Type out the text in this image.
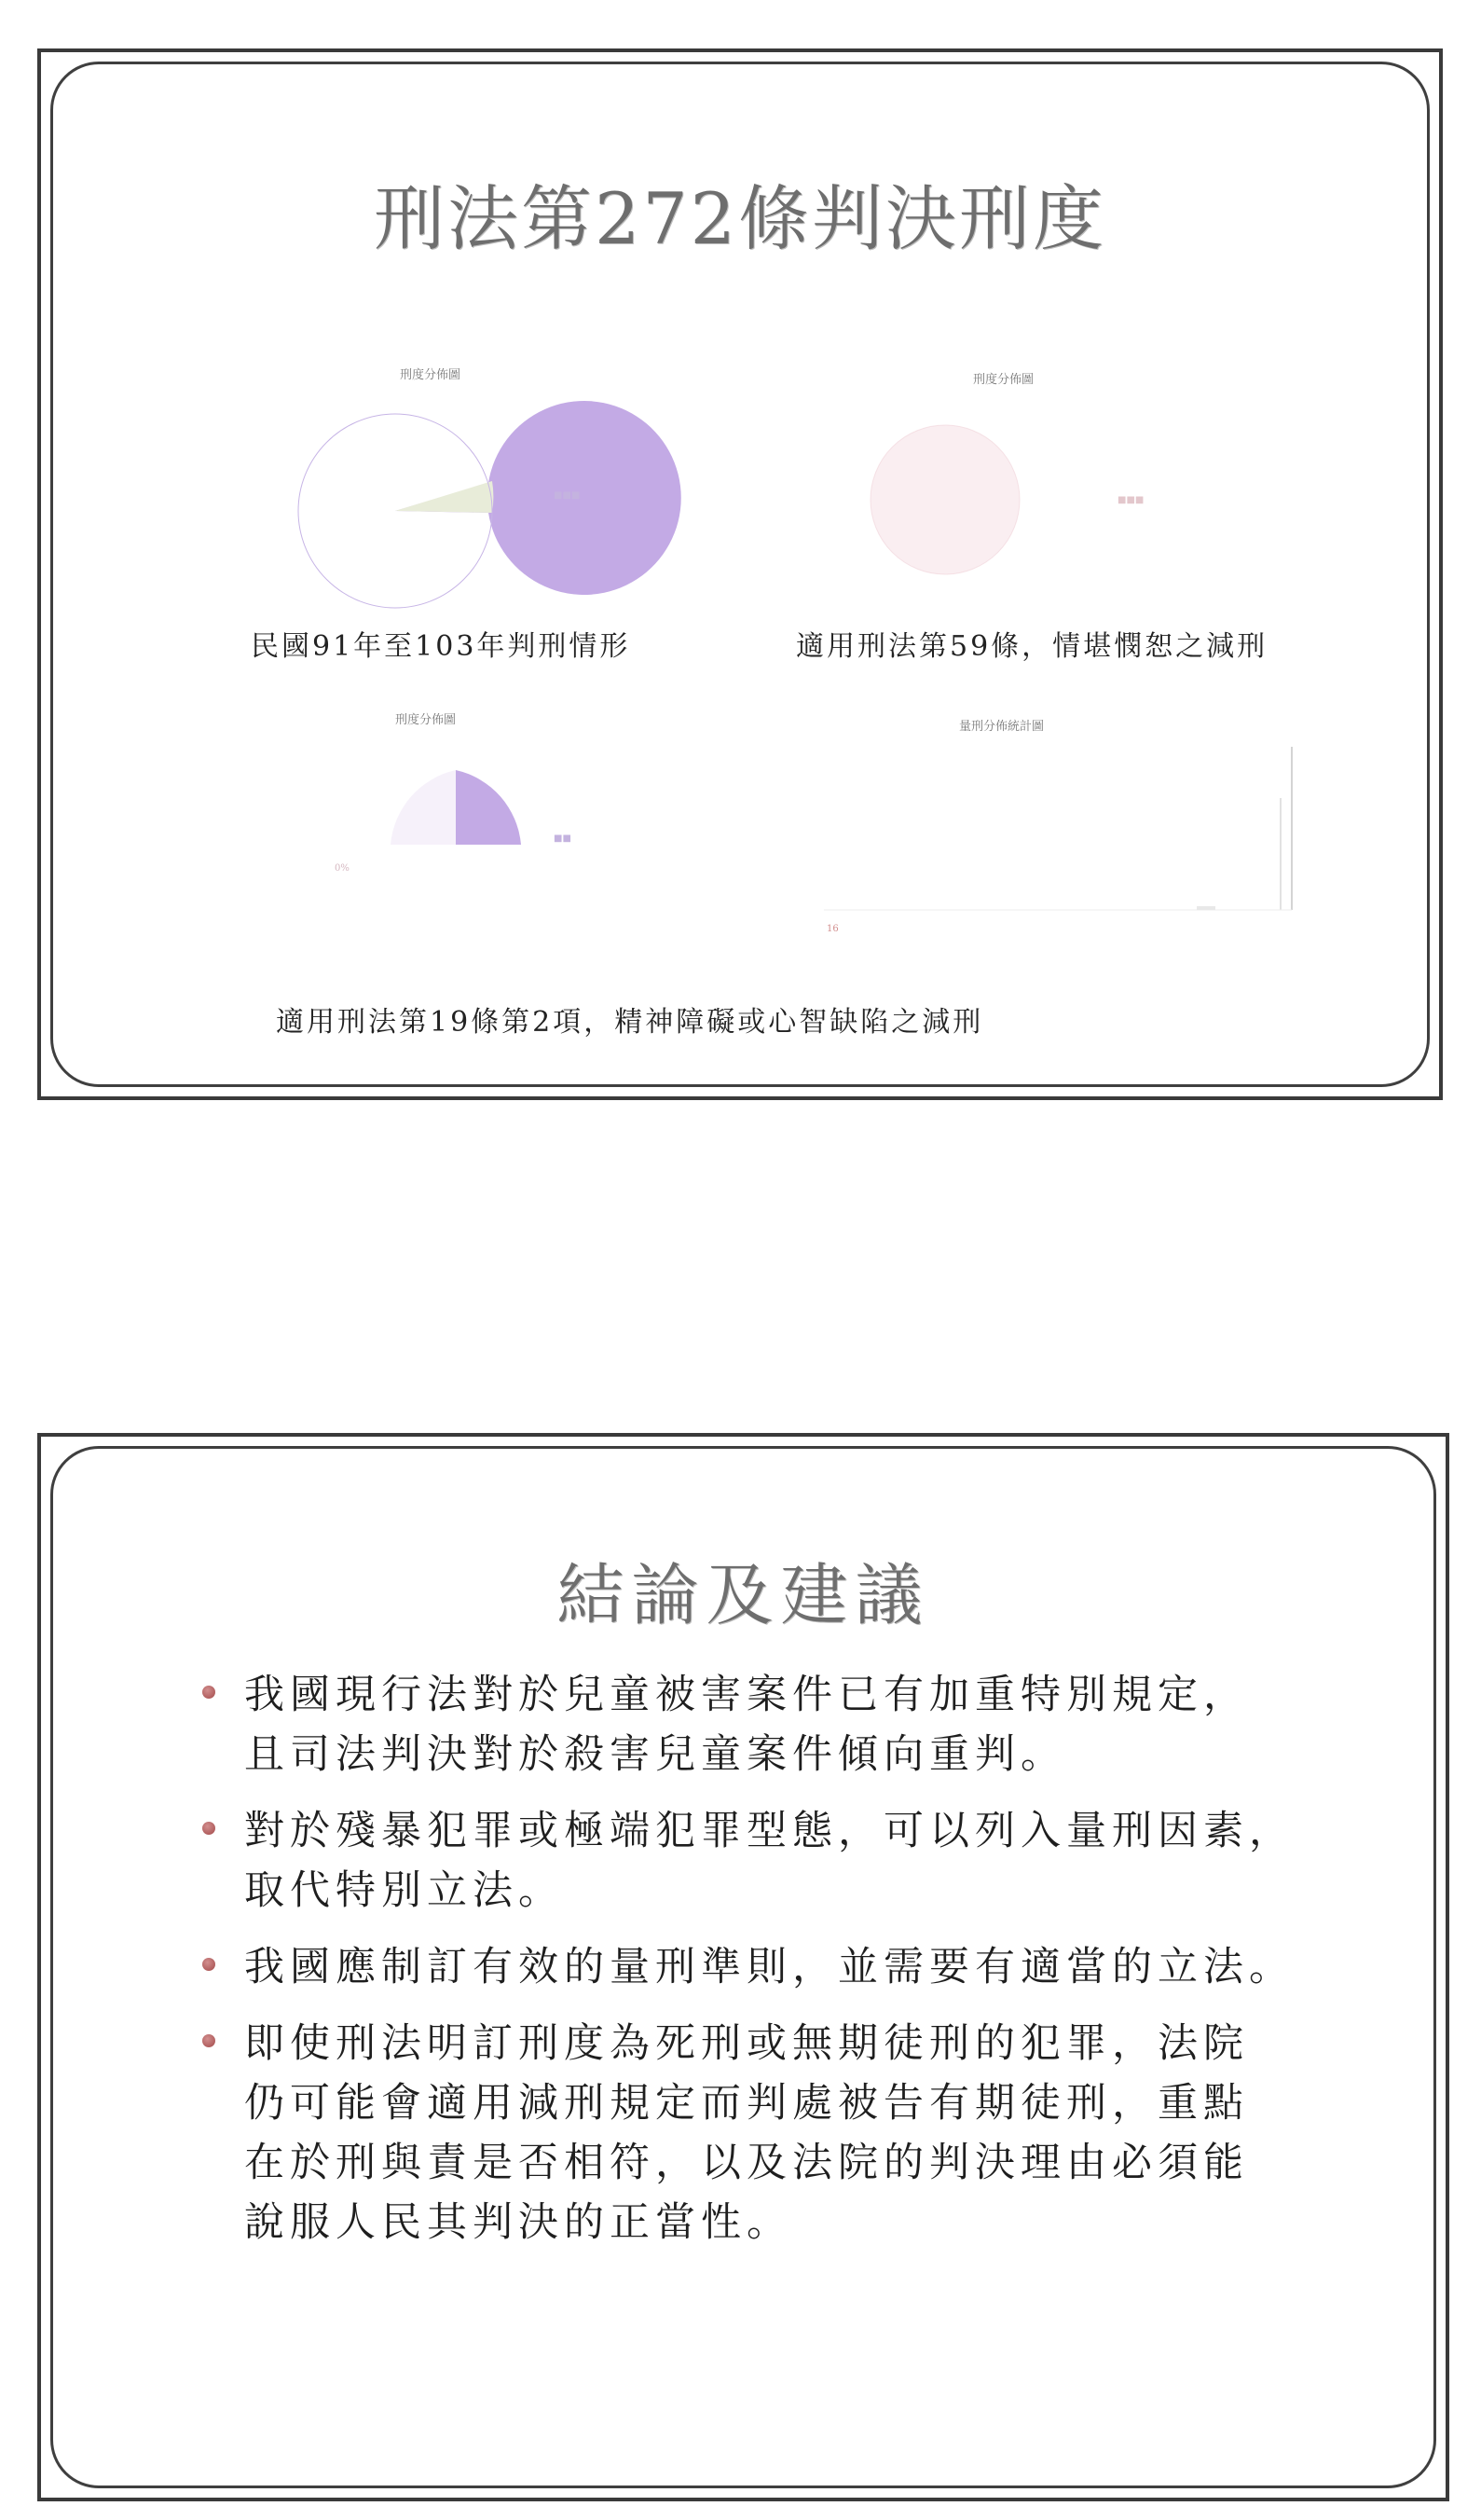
刑法第272條判決刑度
刑度分佈圖
■■■
民國91年至103年判刑情形
刑度分佈圖
■■■
適用刑法第59條，情堪憫恕之減刑
刑度分佈圖
■■
0%
量刑分佈統計圖
16
適用刑法第19條第2項，精神障礙或心智缺陷之減刑
結論及建議
我國現行法對於兒童被害案件已有加重特別規定，
且司法判決對於殺害兒童案件傾向重判。
對於殘暴犯罪或極端犯罪型態，可以列入量刑因素，
取代特別立法。
我國應制訂有效的量刑準則，並需要有適當的立法。
即使刑法明訂刑度為死刑或無期徒刑的犯罪，法院
仍可能會適用減刑規定而判處被告有期徒刑，重點
在於刑與責是否相符，以及法院的判決理由必須能
說服人民其判決的正當性。
